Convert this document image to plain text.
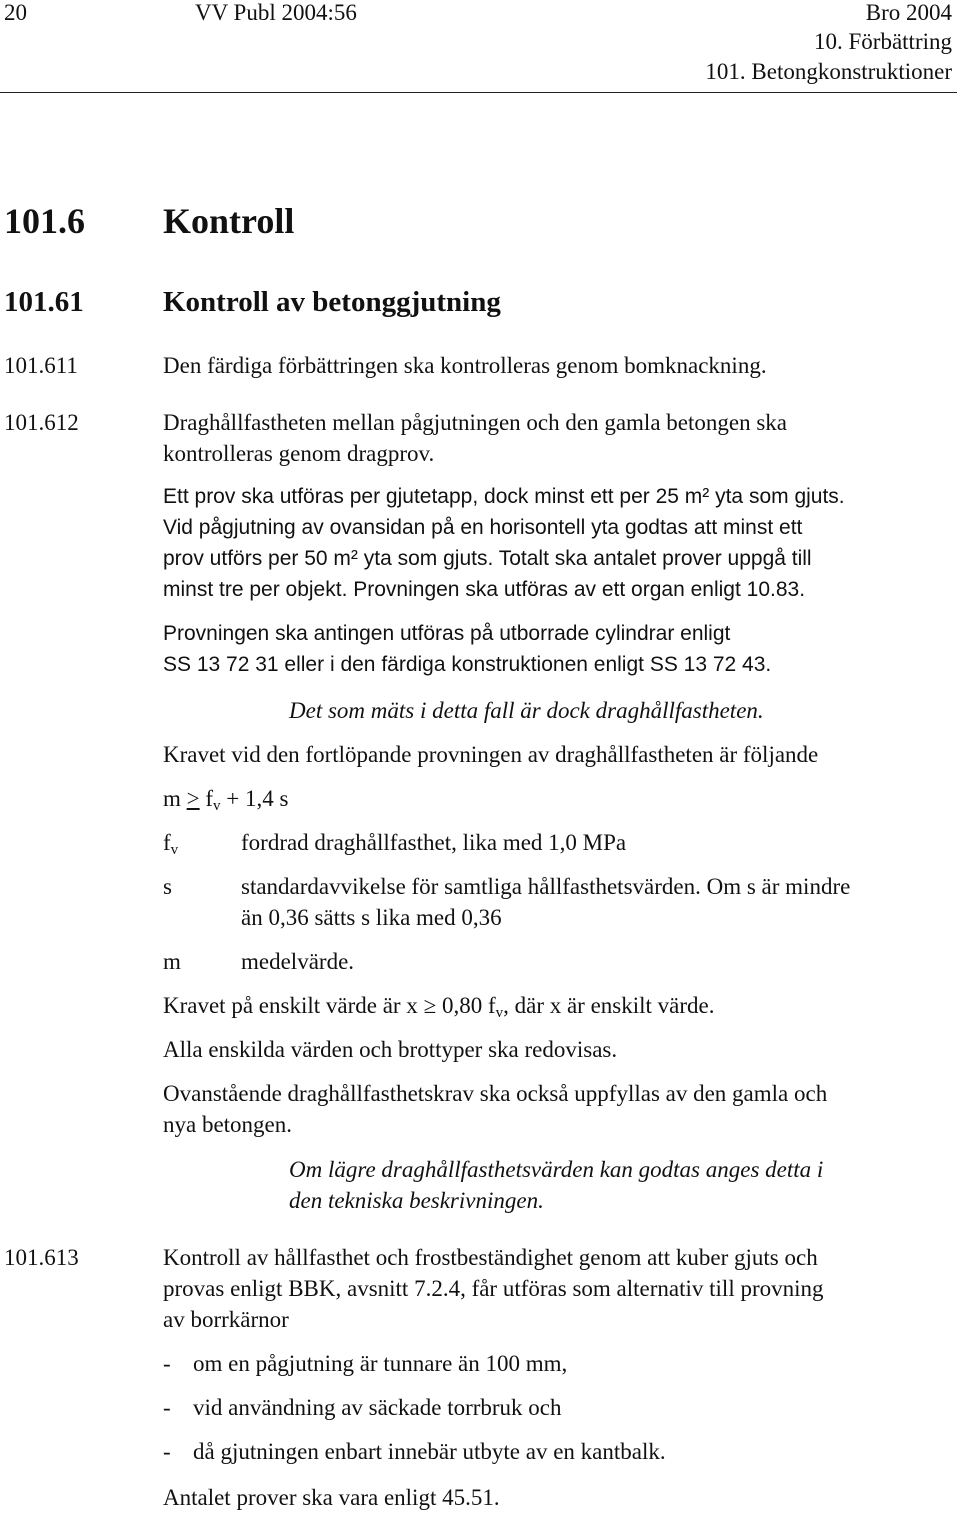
20	VV Publ 2004:56	Bro 2004
10. Förbättring
101. Betongkonstruktioner
101.6 Kontroll
101.61	Kontroll av betonggjutning
101.611	Den färdiga förbättringen ska kontrolleras genom bomknackning.
101.612	Draghållfastheten mellan pågjutningen och den gamla betongen ska
kontrolleras genom dragprov.
Ett prov ska utföras per gjutetapp, dock minst ett per 25 m² yta som gjuts.
Vid pågjutning av ovansidan på en horisontell yta godtas att minst ett
prov utförs per 50 m² yta som gjuts. Totalt ska antalet prover uppgå till
minst tre per objekt. Provningen ska utföras av ett organ enligt 10.83.
Provningen ska antingen utföras på utborrade cylindrar enligt
SS 13 72 31 eller i den färdiga konstruktionen enligt SS 13 72 43.
Det som mäts i detta fall är dock draghållfastheten.
Kravet vid den fortlöpande provningen av draghållfastheten är följande
$m > f_v + 1,4$ s
$f_v$	fordrad draghållfasthet, lika med 1,0 MPa
s	standardavvikelse för samtliga hållfasthetsvärden. Om s är mindre
än 0,36 sätts s lika med 0,36
m	medelvärde.
Kravet på enskilt värde är x ≥ 0,80 $f_v$, där x är enskilt värde.
Alla enskilda värden och brottyper ska redovisas.
Ovanstående draghållfasthetskrav ska också uppfyllas av den gamla och
nya betongen.
Om lägre draghållfasthetsvärden kan godtas anges detta i
den tekniska beskrivningen.
101.613	Kontroll av hållfasthet och frostbeständighet genom att kuber gjuts och
provas enligt BBK, avsnitt 7.2.4, får utföras som alternativ till provning
av borrkärnor
- om en pågjutning är tunnare än 100 mm,
- vid användning av säckade torrbruk och
- då gjutningen enbart innebär utbyte av en kantbalk.
Antalet prover ska vara enligt 45.51.
